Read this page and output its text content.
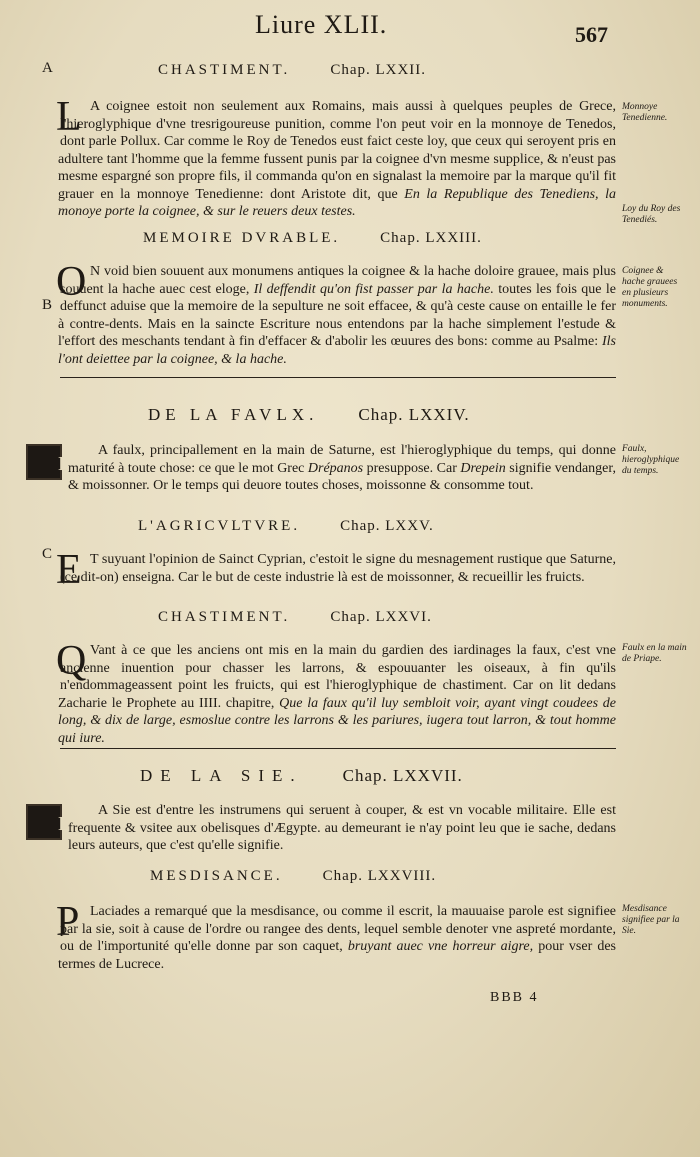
Liure XLII.	567
A
B
C
CHASTIMENT.	Chap. LXXII.
L A coignee estoit non seulement aux Romains, mais aussi à quelques peuples de Grece, l'hieroglyphique d'vne tresrigoureuse punition, comme l'on peut voir en la monnoye de Tenedos, dont parle Pollux. Car comme le Roy de Tenedos eust faict ceste loy, que ceux qui seroyent pris en adultere tant l'homme que la femme fussent punis par la coignee d'vn mesme supplice, & n'eust pas mesme espargné son propre fils, il commanda qu'on en signalast la memoire par la marque qu'il fit grauer en la monnoye Tenedienne: dont Aristote dit, que En la Republique des Tenediens, la monoye porte la coignee, & sur le reuers deux testes.
Monnoye Tenedienne.
Loy du Roy des Tenediés.
MEMOIRE DVRABLE.	Chap. LXXIII.
O N void bien souuent aux monumens antiques la coignee & la hache doloire grauee, mais plus souuent la hache auec cest eloge, Il deffendit qu'on fist passer par la hache. toutes les fois que le deffunct aduise que la memoire de la sepulture ne soit effacee, & qu'à ceste cause on entaille le fer à contre-dents. Mais en la saincte Escriture nous entendons par la hache simplement l'estude & l'effort des meschants tendant à fin d'effacer & d'abolir les œuures des bons: comme au Psalme: Ils l'ont deiettee par la coignee, & la hache.
Coignee & hache grauees en plusieurs monuments.
DE LA FAVLX. Chap. LXXIV.
L
A faulx, principallement en la main de Saturne, est l'hieroglyphique du temps, qui donne maturité à toute chose: ce que le mot Grec Drépanos presuppose. Car Drepein signifie vendanger, & moissonner. Or le temps qui deuore toutes choses, moissonne & consomme tout.
Faulx, hieroglyphique du temps.
L'AGRICVLTVRE.	Chap. LXXV.
E T suyuant l'opinion de Sainct Cyprian, c'estoit le signe du mesnagement rustique que Saturne, (ce dit-on) enseigna. Car le but de ceste industrie là est de moissonner, & recueillir les fruicts.
CHASTIMENT.	Chap. LXXVI.
Q Vant à ce que les anciens ont mis en la main du gardien des iardinages la faux, c'est vne ancienne inuention pour chasser les larrons, & espouuanter les oiseaux, à fin qu'ils n'endommageassent point les fruicts, qui est l'hieroglyphique de chastiment. Car on lit dedans Zacharie le Prophete au IIII. chapitre, Que la faux qu'il luy sembloit voir, ayant vingt coudees de long, & dix de large, esmoslue contre les larrons & les pariures, iugera tout larron, & tout homme qui iure.
Faulx en la main de Priape.
DE LA SIE. Chap. LXXVII.
L
A Sie est d'entre les instrumens qui seruent à couper, & est vn vocable militaire. Elle est frequente & vsitee aux obelisques d'Ægypte. au demeurant ie n'ay point leu que ie sache, dedans leurs auteurs, que c'est qu'elle signifie.
MESDISANCE.	Chap. LXXVIII.
P Laciades a remarqué que la mesdisance, ou comme il escrit, la mauuaise parole est signifiee par la sie, soit à cause de l'ordre ou rangee des dents, lequel semble denoter vne aspreté mordante, ou de l'importunité qu'elle donne par son caquet, bruyant auec vne horreur aigre, pour vser des termes de Lucrece.
Mesdisance signifiee par la Sie.
BBB 4
